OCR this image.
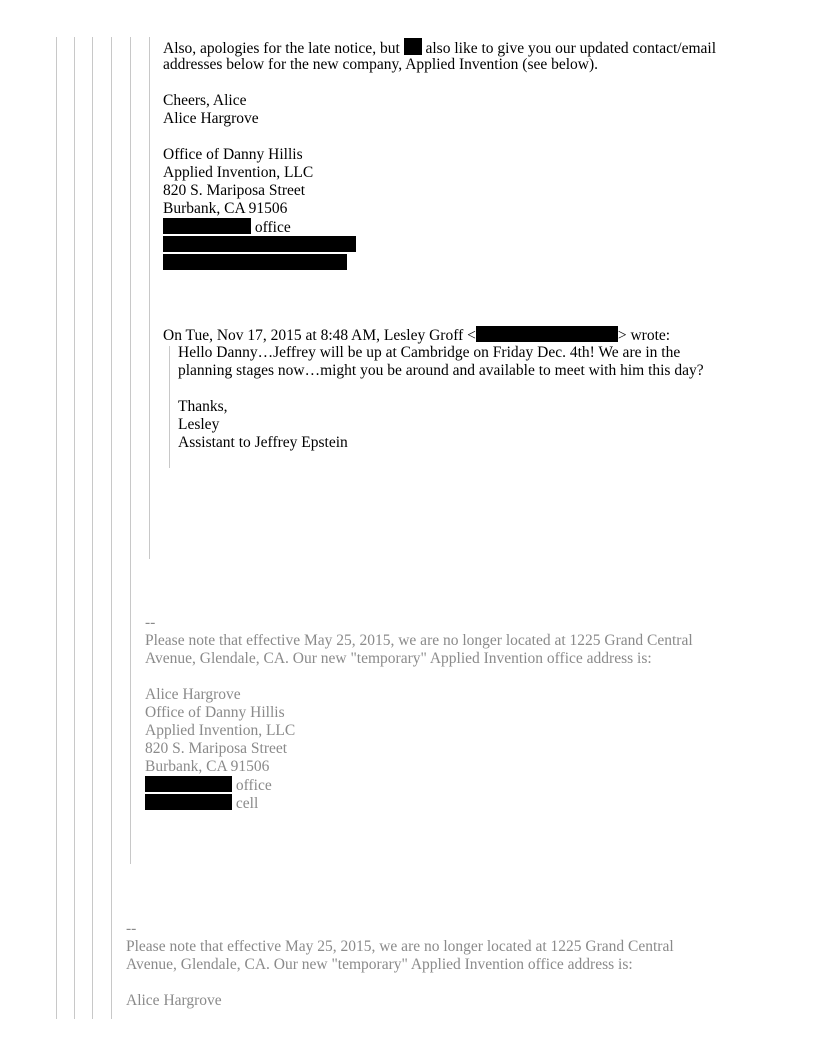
Also, apologies for the late notice, but also like to give you our updated contact/email
addresses below for the new company, Applied Invention (see below).
Cheers, Alice
Alice Hargrove
Office of Danny Hillis
Applied Invention, LLC
820 S. Mariposa Street
Burbank, CA 91506
office
On Tue, Nov 17, 2015 at 8:48 AM, Lesley Groff <	> wrote:
Hello Danny…Jeffrey will be up at Cambridge on Friday Dec. 4th! We are in the
planning stages now…might you be around and available to meet with him this day?
Thanks,
Lesley
Assistant to Jeffrey Epstein
--
Please note that effective May 25, 2015, we are no longer located at 1225 Grand Central
Avenue, Glendale, CA. Our new "temporary" Applied Invention office address is:
Alice Hargrove
Office of Danny Hillis
Applied Invention, LLC
820 S. Mariposa Street
Burbank, CA 91506
office
cell
--
Please note that effective May 25, 2015, we are no longer located at 1225 Grand Central
Avenue, Glendale, CA. Our new "temporary" Applied Invention office address is:
Alice Hargrove
